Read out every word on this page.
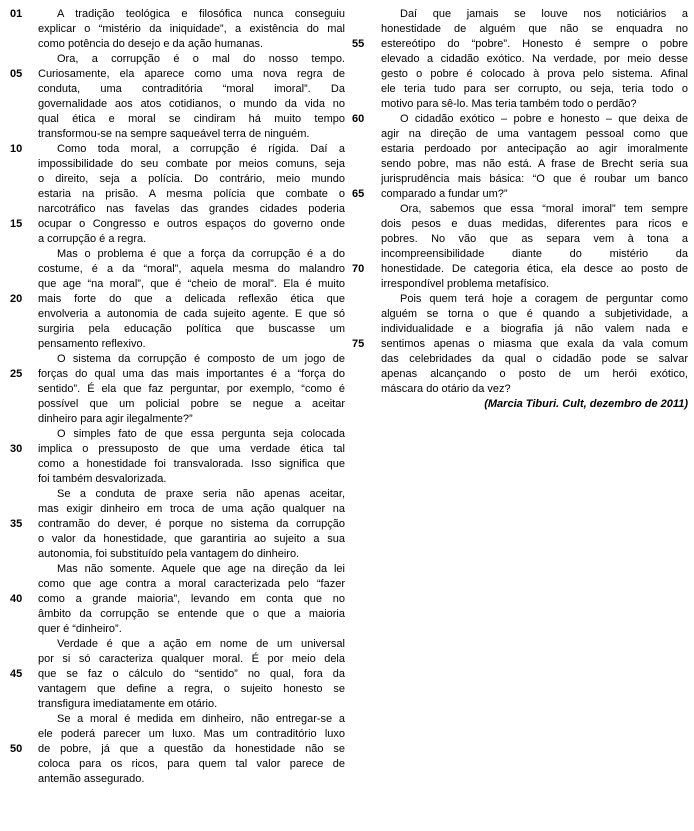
01	A tradição teológica e filosófica nunca conseguiu
explicar o “mistério da iniquidade”, a existência do mal
como potência do desejo e da ação humanas.
Ora, a corrupção é o mal do nosso tempo.
05	Curiosamente, ela aparece como uma nova regra de
conduta, uma contraditória “moral imoral”. Da
governalidade aos atos cotidianos, o mundo da vida no
qual ética e moral se cindiram há muito tempo
transformou-se na sempre saqueável terra de ninguém.
10	Como toda moral, a corrupção é rígida. Daí a
impossibilidade do seu combate por meios comuns, seja
o direito, seja a polícia. Do contrário, meio mundo
estaria na prisão. A mesma polícia que combate o
narcotráfico nas favelas das grandes cidades poderia
15	ocupar o Congresso e outros espaços do governo onde
a corrupção é a regra.
Mas o problema é que a força da corrupção é a do
costume, é a da “moral”, aquela mesma do malandro
que age “na moral”, que é “cheio de moral”. Ela é muito
20	mais forte do que a delicada reflexão ética que
envolveria a autonomia de cada sujeito agente. E que só
surgiria pela educação política que buscasse um
pensamento reflexivo.
O sistema da corrupção é composto de um jogo de
25	forças do qual uma das mais importantes é a “força do
sentido”. É ela que faz perguntar, por exemplo, “como é
possível que um policial pobre se negue a aceitar
dinheiro para agir ilegalmente?”
O simples fato de que essa pergunta seja colocada
30	implica o pressuposto de que uma verdade ética tal
como a honestidade foi transvalorada. Isso significa que
foi também desvalorizada.
Se a conduta de praxe seria não apenas aceitar,
mas exigir dinheiro em troca de uma ação qualquer na
35	contramão do dever, é porque no sistema da corrupção
o valor da honestidade, que garantiria ao sujeito a sua
autonomia, foi substituído pela vantagem do dinheiro.
Mas não somente. Aquele que age na direção da lei
como que age contra a moral caracterizada pelo “fazer
40	como a grande maioria”, levando em conta que no
âmbito da corrupção se entende que o que a maioria
quer é “dinheiro”.
Verdade é que a ação em nome de um universal
por si só caracteriza qualquer moral. É por meio dela
45	que se faz o cálculo do “sentido” no qual, fora da
vantagem que define a regra, o sujeito honesto se
transfigura imediatamente em otário.
Se a moral é medida em dinheiro, não entregar-se a
ele poderá parecer um luxo. Mas um contraditório luxo
50	de pobre, já que a questão da honestidade não se
coloca para os ricos, para quem tal valor parece de
antemão assegurado.
Daí que jamais se louve nos noticiários a
honestidade de alguém que não se enquadra no
55	estereótipo do “pobre”. Honesto é sempre o pobre
elevado a cidadão exótico. Na verdade, por meio desse
gesto o pobre é colocado à prova pelo sistema. Afinal
ele teria tudo para ser corrupto, ou seja, teria todo o
motivo para sê-lo. Mas teria também todo o perdão?
60	O cidadão exótico – pobre e honesto – que deixa de
agir na direção de uma vantagem pessoal como que
estaria perdoado por antecipação ao agir imoralmente
sendo pobre, mas não está. A frase de Brecht seria sua
jurisprudência mais básica: “O que é roubar um banco
65	comparado a fundar um?”
Ora, sabemos que essa “moral imoral” tem sempre
dois pesos e duas medidas, diferentes para ricos e
pobres. No vão que as separa vem à tona a
incompreensibilidade diante do mistério da
70	honestidade. De categoria ética, ela desce ao posto de
irrespondível problema metafísico.
Pois quem terá hoje a coragem de perguntar como
alguém se torna o que é quando a subjetividade, a
individualidade e a biografia já não valem nada e
75	sentimos apenas o miasma que exala da vala comum
das celebridades da qual o cidadão pode se salvar
apenas alcançando o posto de um herói exótico,
máscara do otário da vez?
(Marcia Tiburi. Cult, dezembro de 2011)
